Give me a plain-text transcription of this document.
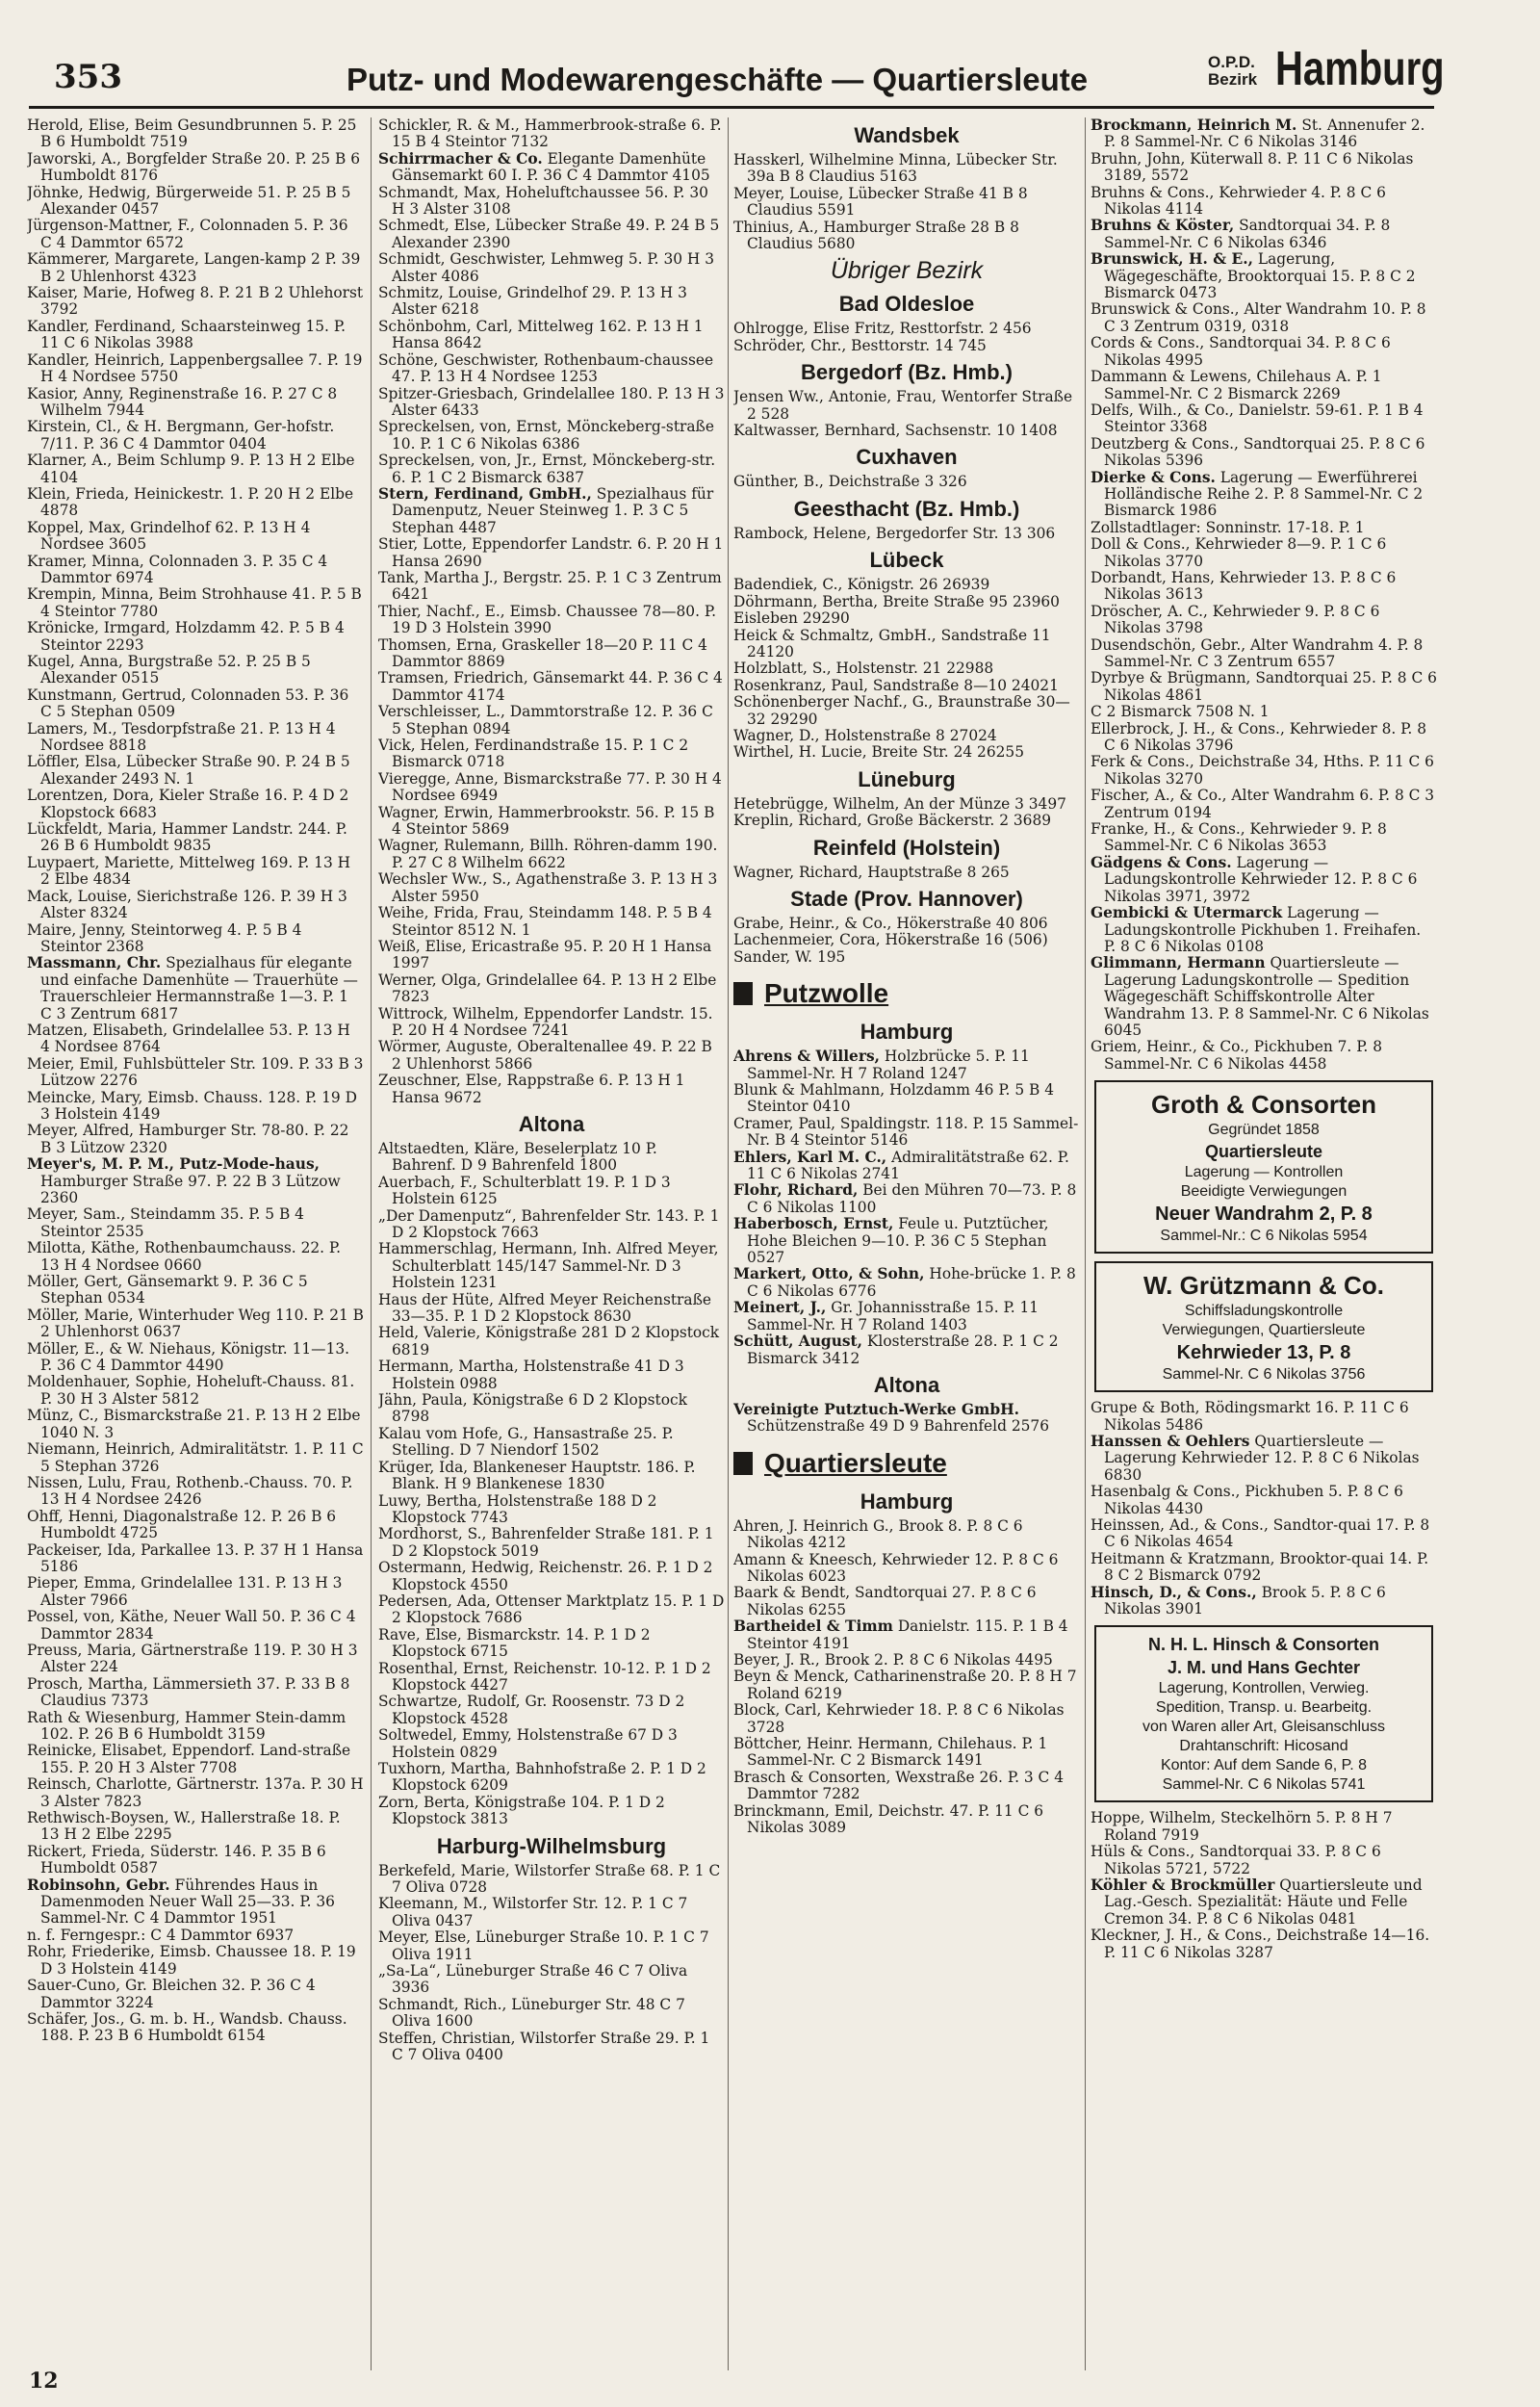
353	Putz- und Modewarengeschäfte — Quartiersleute	O.P.D.
Bezirk Hamburg

Herold, Elise, Beim Gesundbrunnen 5. P. 25 B 6 Humboldt 7519

Jaworski, A., Borgfelder Straße 20. P. 25 B 6 Humboldt 8176

Jöhnke, Hedwig, Bürgerweide 51. P. 25 B 5 Alexander 0457

Jürgenson-Mattner, F., Colonnaden 5. P. 36 C 4 Dammtor 6572

Kämmerer, Margarete, Langen-kamp 2 P. 39 B 2 Uhlenhorst 4323

Kaiser, Marie, Hofweg 8. P. 21 B 2 Uhlehorst 3792

Kandler, Ferdinand, Schaarsteinweg 15. P. 11 C 6 Nikolas 3988

Kandler, Heinrich, Lappenbergsallee 7. P. 19 H 4 Nordsee 5750

Kasior, Anny, Reginenstraße 16. P. 27 C 8 Wilhelm 7944

Kirstein, Cl., & H. Bergmann, Ger-hofstr. 7/11. P. 36 C 4 Dammtor 0404

Klarner, A., Beim Schlump 9. P. 13 H 2 Elbe 4104

Klein, Frieda, Heinickestr. 1. P. 20 H 2 Elbe 4878

Koppel, Max, Grindelhof 62. P. 13 H 4 Nordsee 3605

Kramer, Minna, Colonnaden 3. P. 35 C 4 Dammtor 6974

Krempin, Minna, Beim Strohhause 41. P. 5 B 4 Steintor 7780

Krönicke, Irmgard, Holzdamm 42. P. 5 B 4 Steintor 2293

Kugel, Anna, Burgstraße 52. P. 25 B 5 Alexander 0515

Kunstmann, Gertrud, Colonnaden 53. P. 36 C 5 Stephan 0509

Lamers, M., Tesdorpfstraße 21. P. 13 H 4 Nordsee 8818

Löffler, Elsa, Lübecker Straße 90. P. 24 B 5 Alexander 2493 N. 1

Lorentzen, Dora, Kieler Straße 16. P. 4 D 2 Klopstock 6683

Lückfeldt, Maria, Hammer Landstr. 244. P. 26 B 6 Humboldt 9835

Luypaert, Mariette, Mittelweg 169. P. 13 H 2 Elbe 4834

Mack, Louise, Sierichstraße 126. P. 39 H 3 Alster 8324

Maire, Jenny, Steintorweg 4. P. 5 B 4 Steintor 2368

Massmann, Chr. Spezialhaus für elegante und einfache Damenhüte — Trauerhüte — Trauerschleier Hermannstraße 1—3. P. 1 C 3 Zentrum 6817

Matzen, Elisabeth, Grindelallee 53. P. 13 H 4 Nordsee 8764

Meier, Emil, Fuhlsbütteler Str. 109. P. 33 B 3 Lützow 2276

Meincke, Mary, Eimsb. Chauss. 128. P. 19 D 3 Holstein 4149

Meyer, Alfred, Hamburger Str. 78-80. P. 22 B 3 Lützow 2320

Meyer's, M. P. M., Putz-Mode-haus, Hamburger Straße 97. P. 22 B 3 Lützow 2360

Meyer, Sam., Steindamm 35. P. 5 B 4 Steintor 2535

Milotta, Käthe, Rothenbaumchauss. 22. P. 13 H 4 Nordsee 0660

Möller, Gert, Gänsemarkt 9. P. 36 C 5 Stephan 0534

Möller, Marie, Winterhuder Weg 110. P. 21 B 2 Uhlenhorst 0637

Möller, E., & W. Niehaus, Königstr. 11—13. P. 36 C 4 Dammtor 4490

Moldenhauer, Sophie, Hoheluft-Chauss. 81. P. 30 H 3 Alster 5812

Münz, C., Bismarckstraße 21. P. 13 H 2 Elbe 1040 N. 3

Niemann, Heinrich, Admiralitätstr. 1. P. 11 C 5 Stephan 3726

Nissen, Lulu, Frau, Rothenb.-Chauss. 70. P. 13 H 4 Nordsee 2426

Ohff, Henni, Diagonalstraße 12. P. 26 B 6 Humboldt 4725

Packeiser, Ida, Parkallee 13. P. 37 H 1 Hansa 5186

Pieper, Emma, Grindelallee 131. P. 13 H 3 Alster 7966

Possel, von, Käthe, Neuer Wall 50. P. 36 C 4 Dammtor 2834

Preuss, Maria, Gärtnerstraße 119. P. 30 H 3 Alster 224

Prosch, Martha, Lämmersieth 37. P. 33 B 8 Claudius 7373

Rath & Wiesenburg, Hammer Stein-damm 102. P. 26 B 6 Humboldt 3159

Reinicke, Elisabet, Eppendorf. Land-straße 155. P. 20 H 3 Alster 7708

Reinsch, Charlotte, Gärtnerstr. 137a. P. 30 H 3 Alster 7823

Rethwisch-Boysen, W., Hallerstraße 18. P. 13 H 2 Elbe 2295

Rickert, Frieda, Süderstr. 146. P. 35 B 6 Humboldt 0587

Robinsohn, Gebr. Führendes Haus in Damenmoden Neuer Wall 25—33. P. 36 Sammel-Nr. C 4 Dammtor 1951

n. f. Ferngespr.: C 4 Dammtor 6937

Rohr, Friederike, Eimsb. Chaussee 18. P. 19 D 3 Holstein 4149

Sauer-Cuno, Gr. Bleichen 32. P. 36 C 4 Dammtor 3224

Schäfer, Jos., G. m. b. H., Wandsb. Chauss. 188. P. 23 B 6 Humboldt 6154

Schickler, R. & M., Hammerbrook-straße 6. P. 15 B 4 Steintor 7132

Schirrmacher & Co. Elegante Damenhüte Gänsemarkt 60 I. P. 36 C 4 Dammtor 4105

Schmandt, Max, Hoheluftchaussee 56. P. 30 H 3 Alster 3108

Schmedt, Else, Lübecker Straße 49. P. 24 B 5 Alexander 2390

Schmidt, Geschwister, Lehmweg 5. P. 30 H 3 Alster 4086

Schmitz, Louise, Grindelhof 29. P. 13 H 3 Alster 6218

Schönbohm, Carl, Mittelweg 162. P. 13 H 1 Hansa 8642

Schöne, Geschwister, Rothenbaum-chaussee 47. P. 13 H 4 Nordsee 1253

Spitzer-Griesbach, Grindelallee 180. P. 13 H 3 Alster 6433

Spreckelsen, von, Ernst, Mönckeberg-straße 10. P. 1 C 6 Nikolas 6386

Spreckelsen, von, Jr., Ernst, Mönckeberg-str. 6. P. 1 C 2 Bismarck 6387

Stern, Ferdinand, GmbH., Spezialhaus für Damenputz, Neuer Steinweg 1. P. 3 C 5 Stephan 4487

Stier, Lotte, Eppendorfer Landstr. 6. P. 20 H 1 Hansa 2690

Tank, Martha J., Bergstr. 25. P. 1 C 3 Zentrum 6421

Thier, Nachf., E., Eimsb. Chaussee 78—80. P. 19 D 3 Holstein 3990

Thomsen, Erna, Graskeller 18—20 P. 11 C 4 Dammtor 8869

Tramsen, Friedrich, Gänsemarkt 44. P. 36 C 4 Dammtor 4174

Verschleisser, L., Dammtorstraße 12. P. 36 C 5 Stephan 0894

Vick, Helen, Ferdinandstraße 15. P. 1 C 2 Bismarck 0718

Vieregge, Anne, Bismarckstraße 77. P. 30 H 4 Nordsee 6949

Wagner, Erwin, Hammerbrookstr. 56. P. 15 B 4 Steintor 5869

Wagner, Rulemann, Billh. Röhren-damm 190. P. 27 C 8 Wilhelm 6622

Wechsler Ww., S., Agathenstraße 3. P. 13 H 3 Alster 5950

Weihe, Frida, Frau, Steindamm 148. P. 5 B 4 Steintor 8512 N. 1

Weiß, Elise, Ericastraße 95. P. 20 H 1 Hansa 1997

Werner, Olga, Grindelallee 64. P. 13 H 2 Elbe 7823

Wittrock, Wilhelm, Eppendorfer Landstr. 15. P. 20 H 4 Nordsee 7241

Wörmer, Auguste, Oberaltenallee 49. P. 22 B 2 Uhlenhorst 5866

Zeuschner, Else, Rappstraße 6. P. 13 H 1 Hansa 9672

Altona

Altstaedten, Kläre, Beselerplatz 10 P. Bahrenf. D 9 Bahrenfeld 1800

Auerbach, F., Schulterblatt 19. P. 1 D 3 Holstein 6125

„Der Damenputz“, Bahrenfelder Str. 143. P. 1 D 2 Klopstock 7663

Hammerschlag, Hermann, Inh. Alfred Meyer, Schulterblatt 145/147 Sammel-Nr. D 3 Holstein 1231

Haus der Hüte, Alfred Meyer Reichenstraße 33—35. P. 1 D 2 Klopstock 8630

Held, Valerie, Königstraße 281 D 2 Klopstock 6819

Hermann, Martha, Holstenstraße 41 D 3 Holstein 0988

Jähn, Paula, Königstraße 6 D 2 Klopstock 8798

Kalau vom Hofe, G., Hansastraße 25. P. Stelling. D 7 Niendorf 1502

Krüger, Ida, Blankeneser Hauptstr. 186. P. Blank. H 9 Blankenese 1830

Luwy, Bertha, Holstenstraße 188 D 2 Klopstock 7743

Mordhorst, S., Bahrenfelder Straße 181. P. 1 D 2 Klopstock 5019

Ostermann, Hedwig, Reichenstr. 26. P. 1 D 2 Klopstock 4550

Pedersen, Ada, Ottenser Marktplatz 15. P. 1 D 2 Klopstock 7686

Rave, Else, Bismarckstr. 14. P. 1 D 2 Klopstock 6715

Rosenthal, Ernst, Reichenstr. 10-12. P. 1 D 2 Klopstock 4427

Schwartze, Rudolf, Gr. Roosenstr. 73 D 2 Klopstock 4528

Soltwedel, Emmy, Holstenstraße 67 D 3 Holstein 0829

Tuxhorn, Martha, Bahnhofstraße 2. P. 1 D 2 Klopstock 6209

Zorn, Berta, Königstraße 104. P. 1 D 2 Klopstock 3813

Harburg-Wilhelmsburg

Berkefeld, Marie, Wilstorfer Straße 68. P. 1 C 7 Oliva 0728

Kleemann, M., Wilstorfer Str. 12. P. 1 C 7 Oliva 0437

Meyer, Else, Lüneburger Straße 10. P. 1 C 7 Oliva 1911

„Sa-La“, Lüneburger Straße 46 C 7 Oliva 3936

Schmandt, Rich., Lüneburger Str. 48 C 7 Oliva 1600

Steffen, Christian, Wilstorfer Straße 29. P. 1 C 7 Oliva 0400

Wandsbek

Hasskerl, Wilhelmine Minna, Lübecker Str. 39a B 8 Claudius 5163

Meyer, Louise, Lübecker Straße 41 B 8 Claudius 5591

Thinius, A., Hamburger Straße 28 B 8 Claudius 5680

Übriger Bezirk
Bad Oldesloe

Ohlrogge, Elise Fritz, Resttorfstr. 2 456

Schröder, Chr., Besttorstr. 14 745

Bergedorf (Bz. Hmb.)

Jensen Ww., Antonie, Frau, Wentorfer Straße 2 528

Kaltwasser, Bernhard, Sachsenstr. 10 1408

Cuxhaven

Günther, B., Deichstraße 3 326

Geesthacht (Bz. Hmb.)

Rambock, Helene, Bergedorfer Str. 13 306

Lübeck

Badendiek, C., Königstr. 26 26939

Döhrmann, Bertha, Breite Straße 95 23960

Eisleben 29290

Heick & Schmaltz, GmbH., Sandstraße 11 24120

Holzblatt, S., Holstenstr. 21 22988

Rosenkranz, Paul, Sandstraße 8—10 24021

Schönenberger Nachf., G., Braunstraße 30—32 29290

Wagner, D., Holstenstraße 8 27024

Wirthel, H. Lucie, Breite Str. 24 26255

Lüneburg

Hetebrügge, Wilhelm, An der Münze 3 3497

Kreplin, Richard, Große Bäckerstr. 2 3689

Reinfeld (Holstein)

Wagner, Richard, Hauptstraße 8 265

Stade (Prov. Hannover)

Grabe, Heinr., & Co., Hökerstraße 40 806

Lachenmeier, Cora, Hökerstraße 16 (506)

Sander, W. 195

Putzwolle
Hamburg

Ahrens & Willers, Holzbrücke 5. P. 11 Sammel-Nr. H 7 Roland 1247

Blunk & Mahlmann, Holzdamm 46 P. 5 B 4 Steintor 0410

Cramer, Paul, Spaldingstr. 118. P. 15 Sammel-Nr. B 4 Steintor 5146

Ehlers, Karl M. C., Admiralitätstraße 62. P. 11 C 6 Nikolas 2741

Flohr, Richard, Bei den Mühren 70—73. P. 8 C 6 Nikolas 1100

Haberbosch, Ernst, Feule u. Putztücher, Hohe Bleichen 9—10. P. 36 C 5 Stephan 0527

Markert, Otto, & Sohn, Hohe-brücke 1. P. 8 C 6 Nikolas 6776

Meinert, J., Gr. Johannisstraße 15. P. 11 Sammel-Nr. H 7 Roland 1403

Schütt, August, Klosterstraße 28. P. 1 C 2 Bismarck 3412

Altona

Vereinigte Putztuch-Werke GmbH. Schützenstraße 49 D 9 Bahrenfeld 2576

Quartiersleute
Hamburg

Ahren, J. Heinrich G., Brook 8. P. 8 C 6 Nikolas 4212

Amann & Kneesch, Kehrwieder 12. P. 8 C 6 Nikolas 6023

Baark & Bendt, Sandtorquai 27. P. 8 C 6 Nikolas 6255

Bartheidel & Timm Danielstr. 115. P. 1 B 4 Steintor 4191

Beyer, J. R., Brook 2. P. 8 C 6 Nikolas 4495

Beyn & Menck, Catharinenstraße 20. P. 8 H 7 Roland 6219

Block, Carl, Kehrwieder 18. P. 8 C 6 Nikolas 3728

Böttcher, Heinr. Hermann, Chilehaus. P. 1 Sammel-Nr. C 2 Bismarck 1491

Brasch & Consorten, Wexstraße 26. P. 3 C 4 Dammtor 7282

Brinckmann, Emil, Deichstr. 47. P. 11 C 6 Nikolas 3089

Brockmann, Heinrich M. St. Annenufer 2. P. 8 Sammel-Nr. C 6 Nikolas 3146

Bruhn, John, Küterwall 8. P. 11 C 6 Nikolas 3189, 5572

Bruhns & Cons., Kehrwieder 4. P. 8 C 6 Nikolas 4114

Bruhns & Köster, Sandtorquai 34. P. 8 Sammel-Nr. C 6 Nikolas 6346

Brunswick, H. & E., Lagerung, Wägegeschäfte, Brooktorquai 15. P. 8 C 2 Bismarck 0473

Brunswick & Cons., Alter Wandrahm 10. P. 8 C 3 Zentrum 0319, 0318

Cords & Cons., Sandtorquai 34. P. 8 C 6 Nikolas 4995

Dammann & Lewens, Chilehaus A. P. 1 Sammel-Nr. C 2 Bismarck 2269

Delfs, Wilh., & Co., Danielstr. 59-61. P. 1 B 4 Steintor 3368

Deutzberg & Cons., Sandtorquai 25. P. 8 C 6 Nikolas 5396

Dierke & Cons. Lagerung — Ewerführerei Holländische Reihe 2. P. 8 Sammel-Nr. C 2 Bismarck 1986

Zollstadtlager: Sonninstr. 17-18. P. 1

Doll & Cons., Kehrwieder 8—9. P. 1 C 6 Nikolas 3770

Dorbandt, Hans, Kehrwieder 13. P. 8 C 6 Nikolas 3613

Dröscher, A. C., Kehrwieder 9. P. 8 C 6 Nikolas 3798

Dusendschön, Gebr., Alter Wandrahm 4. P. 8 Sammel-Nr. C 3 Zentrum 6557

Dyrbye & Brügmann, Sandtorquai 25. P. 8 C 6 Nikolas 4861

C 2 Bismarck 7508 N. 1

Ellerbrock, J. H., & Cons., Kehrwieder 8. P. 8 C 6 Nikolas 3796

Ferk & Cons., Deichstraße 34, Hths. P. 11 C 6 Nikolas 3270

Fischer, A., & Co., Alter Wandrahm 6. P. 8 C 3 Zentrum 0194

Franke, H., & Cons., Kehrwieder 9. P. 8 Sammel-Nr. C 6 Nikolas 3653

Gädgens & Cons. Lagerung — Ladungskontrolle Kehrwieder 12. P. 8 C 6 Nikolas 3971, 3972

Gembicki & Utermarck Lagerung — Ladungskontrolle Pickhuben 1. Freihafen. P. 8 C 6 Nikolas 0108

Glimmann, Hermann Quartiersleute — Lagerung Ladungskontrolle — Spedition Wägegeschäft Schiffskontrolle Alter Wandrahm 13. P. 8 Sammel-Nr. C 6 Nikolas 6045

Griem, Heinr., & Co., Pickhuben 7. P. 8 Sammel-Nr. C 6 Nikolas 4458

Groth & Consorten
Gegründet 1858
Quartiersleute
Lagerung — Kontrollen
Beeidigte Verwiegungen
Neuer Wandrahm 2, P. 8
Sammel-Nr.: C 6 Nikolas 5954
W. Grützmann & Co.
Schiffsladungskontrolle
Verwiegungen, Quartiersleute
Kehrwieder 13, P. 8
Sammel-Nr. C 6 Nikolas 3756

Grupe & Both, Rödingsmarkt 16. P. 11 C 6 Nikolas 5486

Hanssen & Oehlers Quartiersleute — Lagerung Kehrwieder 12. P. 8 C 6 Nikolas 6830

Hasenbalg & Cons., Pickhuben 5. P. 8 C 6 Nikolas 4430

Heinssen, Ad., & Cons., Sandtor-quai 17. P. 8 C 6 Nikolas 4654

Heitmann & Kratzmann, Brooktor-quai 14. P. 8 C 2 Bismarck 0792

Hinsch, D., & Cons., Brook 5. P. 8 C 6 Nikolas 3901

N. H. L. Hinsch & Consorten
J. M. und Hans Gechter
Lagerung, Kontrollen, Verwieg.
Spedition, Transp. u. Bearbeitg.
von Waren aller Art, Gleisanschluss
Drahtanschrift: Hicosand
Kontor: Auf dem Sande 6, P. 8
Sammel-Nr. C 6 Nikolas 5741

Hoppe, Wilhelm, Steckelhörn 5. P. 8 H 7 Roland 7919

Hüls & Cons., Sandtorquai 33. P. 8 C 6 Nikolas 5721, 5722

Köhler & Brockmüller Quartiersleute und Lag.-Gesch. Spezialität: Häute und Felle Cremon 34. P. 8 C 6 Nikolas 0481

Kleckner, J. H., & Cons., Deichstraße 14—16. P. 11 C 6 Nikolas 3287

12
